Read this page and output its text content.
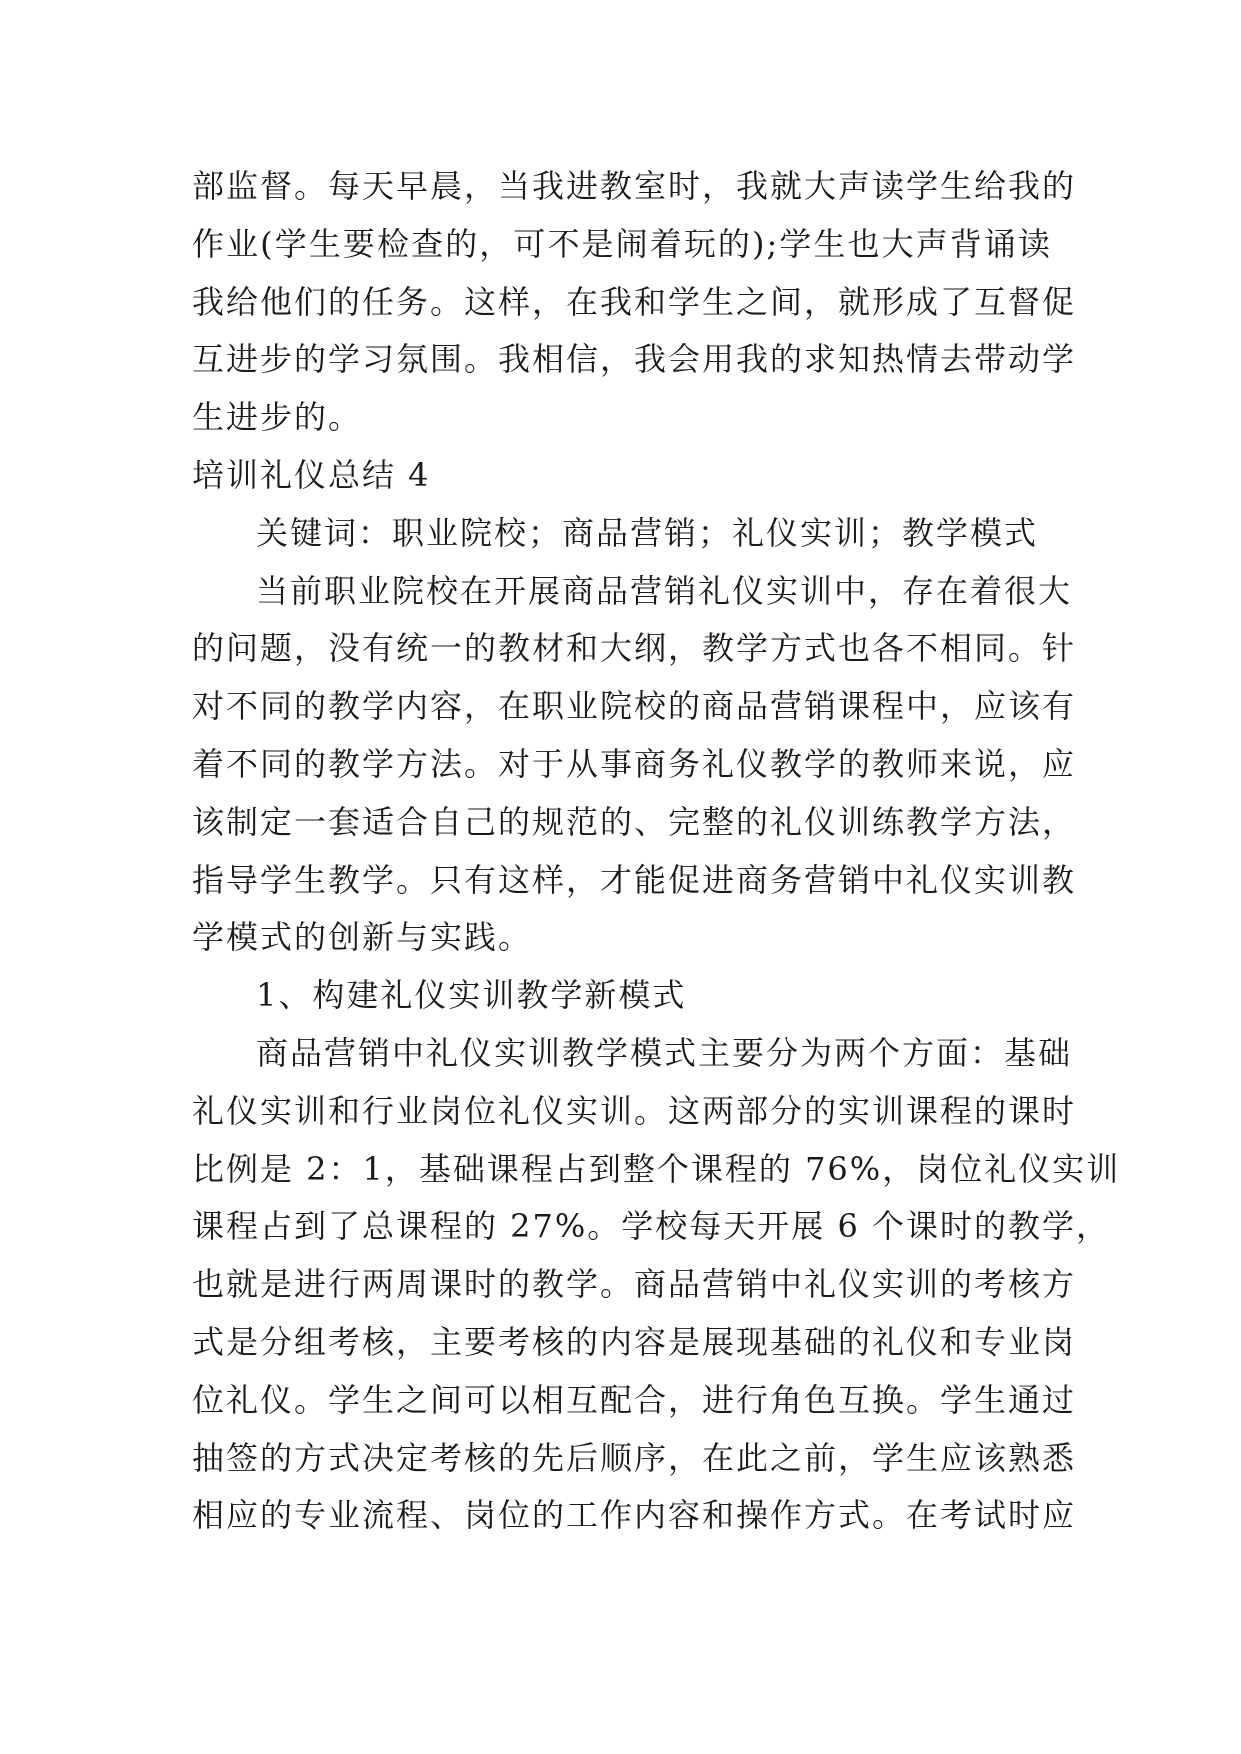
部监督。每天早晨，当我进教室时，我就大声读学生给我的
作业(学生要检查的，可不是闹着玩的);学生也大声背诵读
我给他们的任务。这样，在我和学生之间，就形成了互督促
互进步的学习氛围。我相信，我会用我的求知热情去带动学
生进步的。
培训礼仪总结 4
关键词：职业院校；商品营销；礼仪实训；教学模式
当前职业院校在开展商品营销礼仪实训中，存在着很大
的问题，没有统一的教材和大纲，教学方式也各不相同。针
对不同的教学内容，在职业院校的商品营销课程中，应该有
着不同的教学方法。对于从事商务礼仪教学的教师来说，应
该制定一套适合自己的规范的、完整的礼仪训练教学方法，
指导学生教学。只有这样，才能促进商务营销中礼仪实训教
学模式的创新与实践。
1、构建礼仪实训教学新模式
商品营销中礼仪实训教学模式主要分为两个方面：基础
礼仪实训和行业岗位礼仪实训。这两部分的实训课程的课时
比例是 2：1，基础课程占到整个课程的 76%，岗位礼仪实训
课程占到了总课程的 27%。学校每天开展 6 个课时的教学，
也就是进行两周课时的教学。商品营销中礼仪实训的考核方
式是分组考核，主要考核的内容是展现基础的礼仪和专业岗
位礼仪。学生之间可以相互配合，进行角色互换。学生通过
抽签的方式决定考核的先后顺序，在此之前，学生应该熟悉
相应的专业流程、岗位的工作内容和操作方式。在考试时应
